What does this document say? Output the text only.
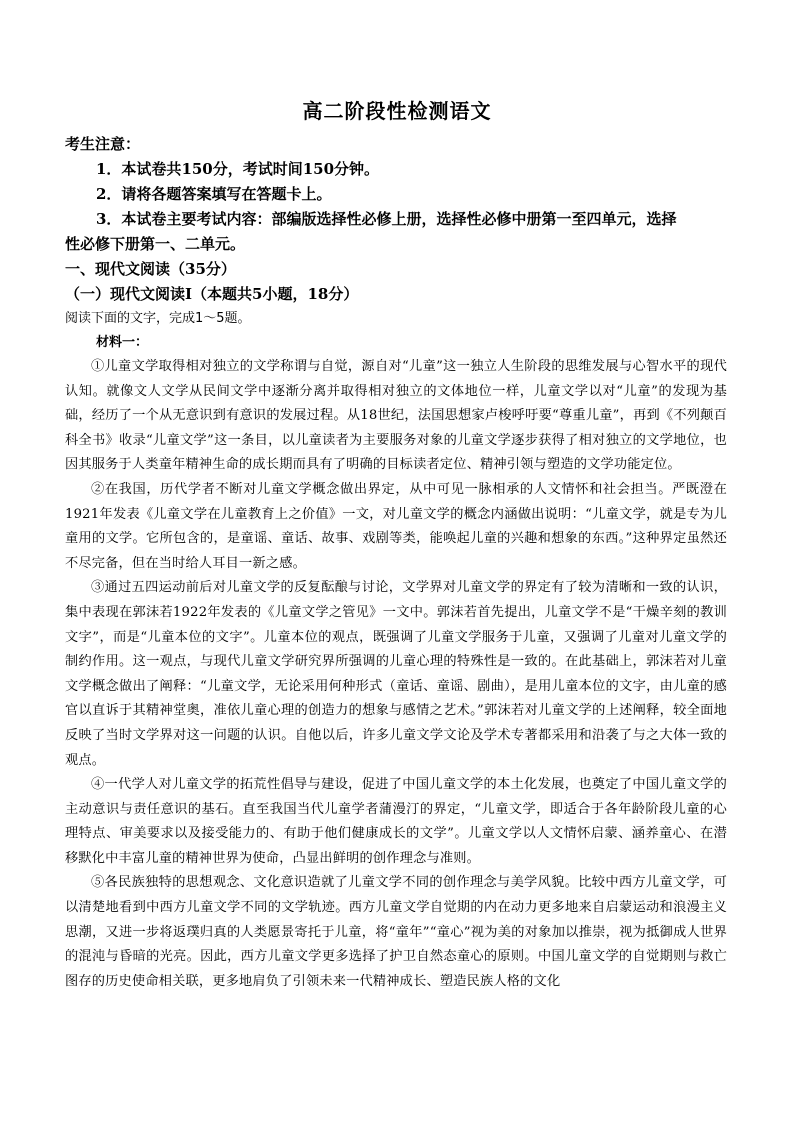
高二阶段性检测语文
考生注意：
1．本试卷共150分，考试时间150分钟。
2．请将各题答案填写在答题卡上。
3．本试卷主要考试内容：部编版选择性必修上册，选择性必修中册第一至四单元，选择
性必修下册第一、二单元。
一、现代文阅读（35分）
（一）现代文阅读Ⅰ（本题共5小题，18分）
阅读下面的文字，完成1～5题。
材料一：

①儿童文学取得相对独立的文学称谓与自觉，源自对“儿童”这一独立人生阶段的思维发展与心智水平的现代认知。就像文人文学从民间文学中逐渐分离并取得相对独立的文体地位一样，儿童文学以对“儿童”的发现为基础，经历了一个从无意识到有意识的发展过程。从18世纪，法国思想家卢梭呼吁要“尊重儿童”，再到《不列颠百科全书》收录“儿童文学”这一条目，以儿童读者为主要服务对象的儿童文学逐步获得了相对独立的文学地位，也因其服务于人类童年精神生命的成长期而具有了明确的目标读者定位、精神引领与塑造的文学功能定位。

②在我国，历代学者不断对儿童文学概念做出界定，从中可见一脉相承的人文情怀和社会担当。严既澄在1921年发表《儿童文学在儿童教育上之价值》一文，对儿童文学的概念内涵做出说明：“儿童文学，就是专为儿童用的文学。它所包含的，是童谣、童话、故事、戏剧等类，能唤起儿童的兴趣和想象的东西。”这种界定虽然还不尽完备，但在当时给人耳目一新之感。

③通过五四运动前后对儿童文学的反复酝酿与讨论，文学界对儿童文学的界定有了较为清晰和一致的认识，集中表现在郭沫若1922年发表的《儿童文学之管见》一文中。郭沫若首先提出，儿童文学不是“干燥辛刻的教训文字”，而是“儿童本位的文字”。儿童本位的观点，既强调了儿童文学服务于儿童，又强调了儿童对儿童文学的制约作用。这一观点，与现代儿童文学研究界所强调的儿童心理的特殊性是一致的。在此基础上，郭沫若对儿童文学概念做出了阐释：“儿童文学，无论采用何种形式（童话、童谣、剧曲），是用儿童本位的文字，由儿童的感官以直诉于其精神堂奥，准依儿童心理的创造力的想象与感情之艺术。”郭沫若对儿童文学的上述阐释，较全面地反映了当时文学界对这一问题的认识。自他以后，许多儿童文学文论及学术专著都采用和沿袭了与之大体一致的观点。

④一代学人对儿童文学的拓荒性倡导与建设，促进了中国儿童文学的本土化发展，也奠定了中国儿童文学的主动意识与责任意识的基石。直至我国当代儿童学者蒲漫汀的界定，“儿童文学，即适合于各年龄阶段儿童的心理特点、审美要求以及接受能力的、有助于他们健康成长的文学”。儿童文学以人文情怀启蒙、涵养童心、在潜移默化中丰富儿童的精神世界为使命，凸显出鲜明的创作理念与准则。

⑤各民族独特的思想观念、文化意识造就了儿童文学不同的创作理念与美学风貌。比较中西方儿童文学，可以清楚地看到中西方儿童文学不同的文学轨迹。西方儿童文学自觉期的内在动力更多地来自启蒙运动和浪漫主义思潮，又进一步将返璞归真的人类愿景寄托于儿童，将“童年”“童心”视为美的对象加以推崇，视为抵御成人世界的混沌与昏暗的光亮。因此，西方儿童文学更多选择了护卫自然态童心的原则。中国儿童文学的自觉期则与救亡图存的历史使命相关联，更多地肩负了引领未来一代精神成长、塑造民族人格的文化
